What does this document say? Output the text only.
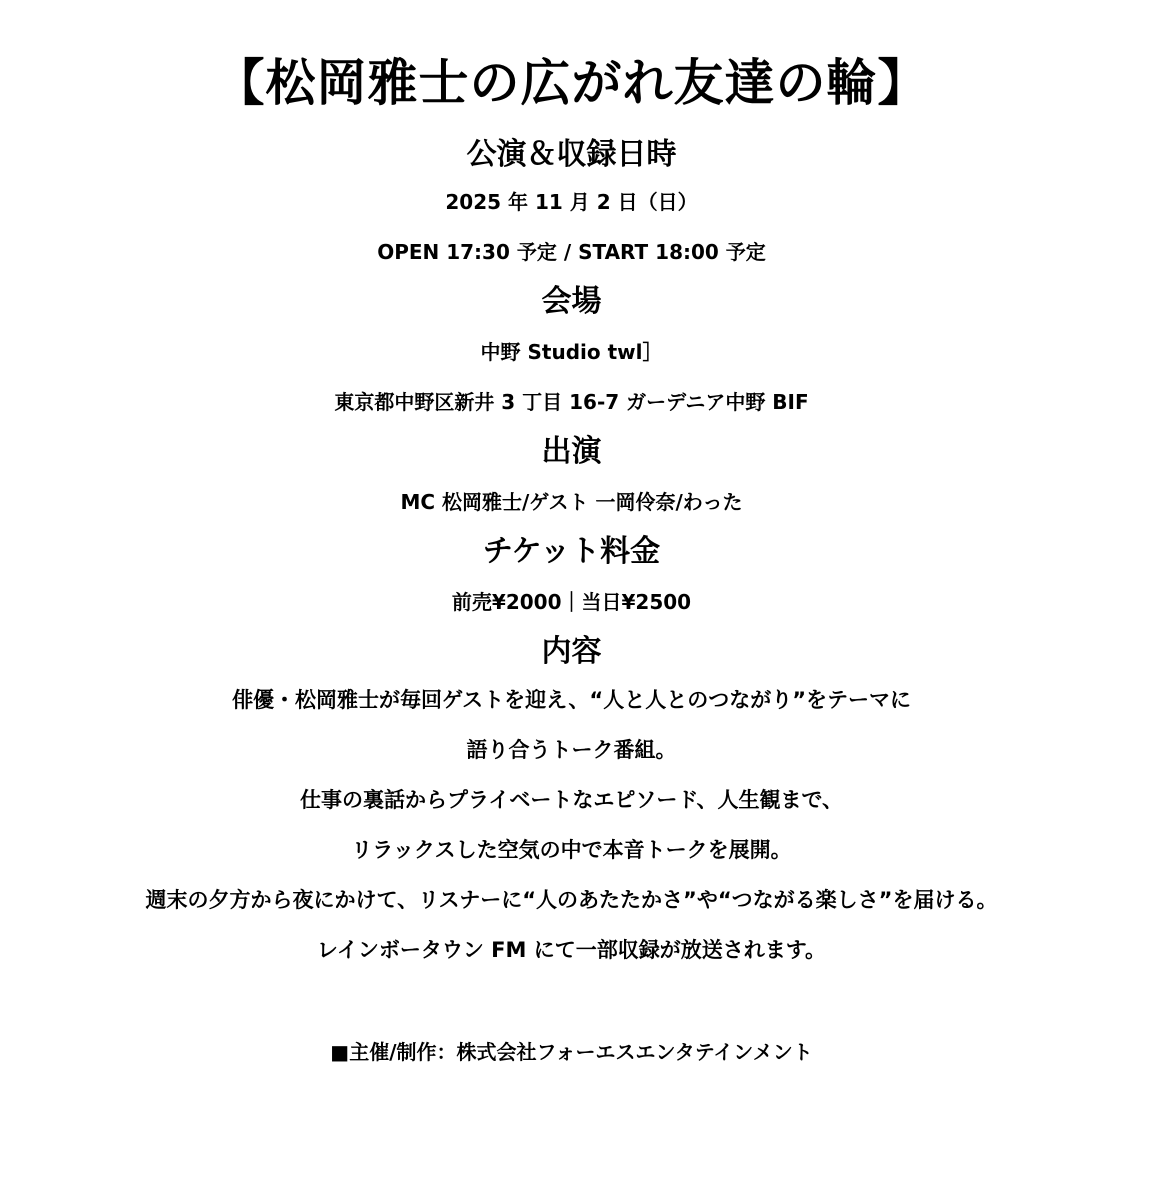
【松岡雅士の広がれ友達の輪】
公演＆収録日時
2025 年 11 月 2 日（日）
OPEN 17:30 予定 / START 18:00 予定
会場
中野 Studio twl］
東京都中野区新井 3 丁目 16-7 ガーデニア中野 BIF
出演
MC 松岡雅士/ゲスト 一岡伶奈/わった
チケット料金
前売¥2000｜当日¥2500
内容
俳優・松岡雅士が毎回ゲストを迎え、“人と人とのつながり”をテーマに
語り合うトーク番組。
仕事の裏話からプライベートなエピソード、人生観まで、
リラックスした空気の中で本音トークを展開。
週末の夕方から夜にかけて、リスナーに“人のあたたかさ”や“つながる楽しさ”を届ける。
レインボータウン FM にて一部収録が放送されます。
■主催/制作：株式会社フォーエスエンタテインメント
